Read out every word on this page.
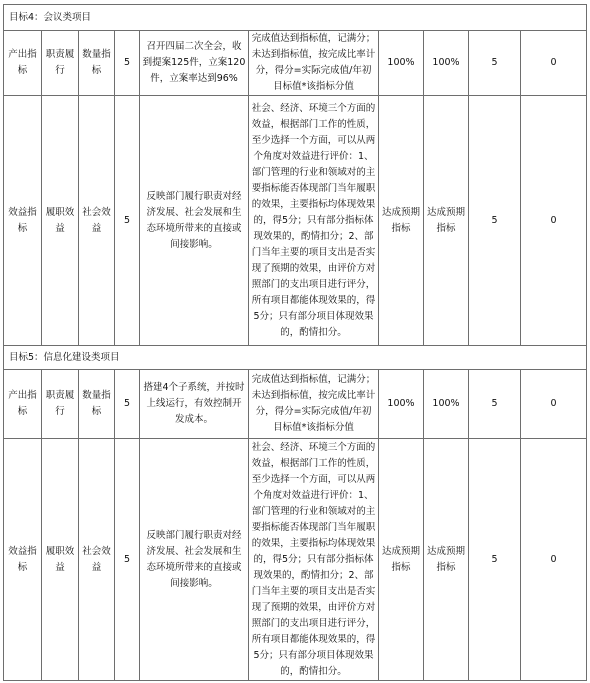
目标4：会议类项目									
产出指标	职责履行	数量指标	5	召开四届二次全会，收到提案125件，立案120件，立案率达到96%	完成值达到指标值，记满分；未达到指标值，按完成比率计分，得分=实际完成值/年初目标值*该指标分值	100%	100%	5	0
效益指标	履职效益	社会效益	5	反映部门履行职责对经济发展、社会发展和生态环境所带来的直接或间接影响。	社会、经济、环境三个方面的效益，根据部门工作的性质，至少选择一个方面，可以从两个角度对效益进行评价：1、部门管理的行业和领域对的主要指标能否体现部门当年履职的效果，主要指标均体现效果的，得5分；只有部分指标体现效果的，酌情扣分；2、部门当年主要的项目支出是否实现了预期的效果，由评价方对照部门的支出项目进行评分，所有项目都能体现效果的，得5分；只有部分项目体现效果的，酌情扣分。	达成预期指标	达成预期指标	5	0
目标5：信息化建设类项目									
产出指标	职责履行	数量指标	5	搭建4个子系统，并按时上线运行，有效控制开发成本。	完成值达到指标值，记满分；未达到指标值，按完成比率计分，得分=实际完成值/年初目标值*该指标分值	100%	100%	5	0
效益指标	履职效益	社会效益	5	反映部门履行职责对经济发展、社会发展和生态环境所带来的直接或间接影响。	社会、经济、环境三个方面的效益，根据部门工作的性质，至少选择一个方面，可以从两个角度对效益进行评价：1、部门管理的行业和领域对的主要指标能否体现部门当年履职的效果，主要指标均体现效果的，得5分；只有部分指标体现效果的，酌情扣分；2、部门当年主要的项目支出是否实现了预期的效果，由评价方对照部门的支出项目进行评分，所有项目都能体现效果的，得5分；只有部分项目体现效果的，酌情扣分。	达成预期指标	达成预期指标	5	0
